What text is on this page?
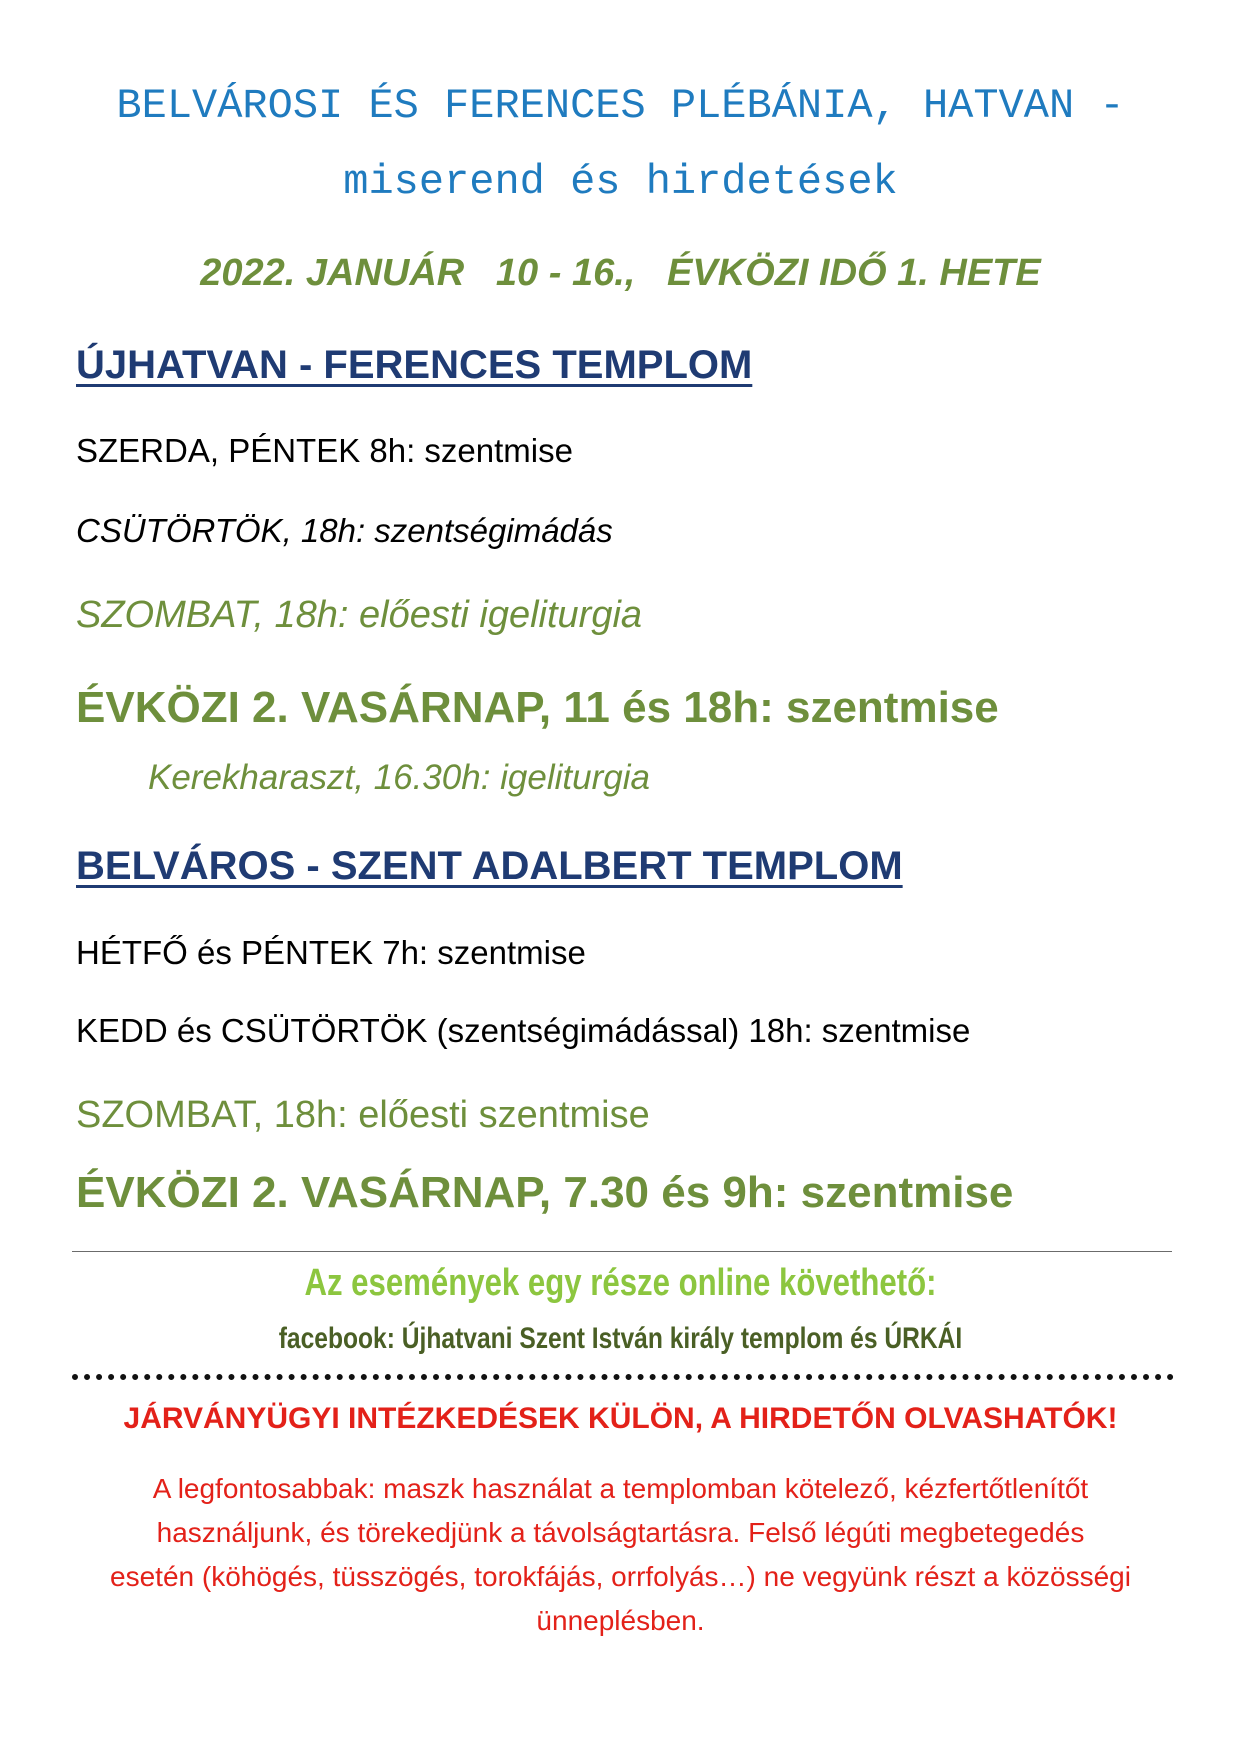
BELVÁROSI ÉS FERENCES PLÉBÁNIA, HATVAN -
miserend és hirdetések
2022. JANUÁR   10 - 16.,   ÉVKÖZI IDŐ 1. HETE
ÚJHATVAN - FERENCES TEMPLOM
SZERDA, PÉNTEK 8h: szentmise
CSÜTÖRTÖK, 18h: szentségimádás
SZOMBAT, 18h: előesti igeliturgia
ÉVKÖZI 2. VASÁRNAP, 11 és 18h: szentmise
Kerekharaszt, 16.30h: igeliturgia
BELVÁROS - SZENT ADALBERT TEMPLOM
HÉTFŐ és PÉNTEK 7h: szentmise
KEDD és CSÜTÖRTÖK (szentségimádással) 18h: szentmise
SZOMBAT, 18h: előesti szentmise
ÉVKÖZI 2. VASÁRNAP, 7.30 és 9h: szentmise
Az események egy része online követhető:
facebook: Újhatvani Szent István király templom és ÚRKÁI
JÁRVÁNYÜGYI INTÉZKEDÉSEK KÜLÖN, A HIRDETŐN OLVASHATÓK!
A legfontosabbak: maszk használat a templomban kötelező, kézfertőtlenítőt
használjunk, és törekedjünk a távolságtartásra. Felső légúti megbetegedés
esetén (köhögés, tüsszögés, torokfájás, orrfolyás…) ne vegyünk részt a közösségi
ünneplésben.
